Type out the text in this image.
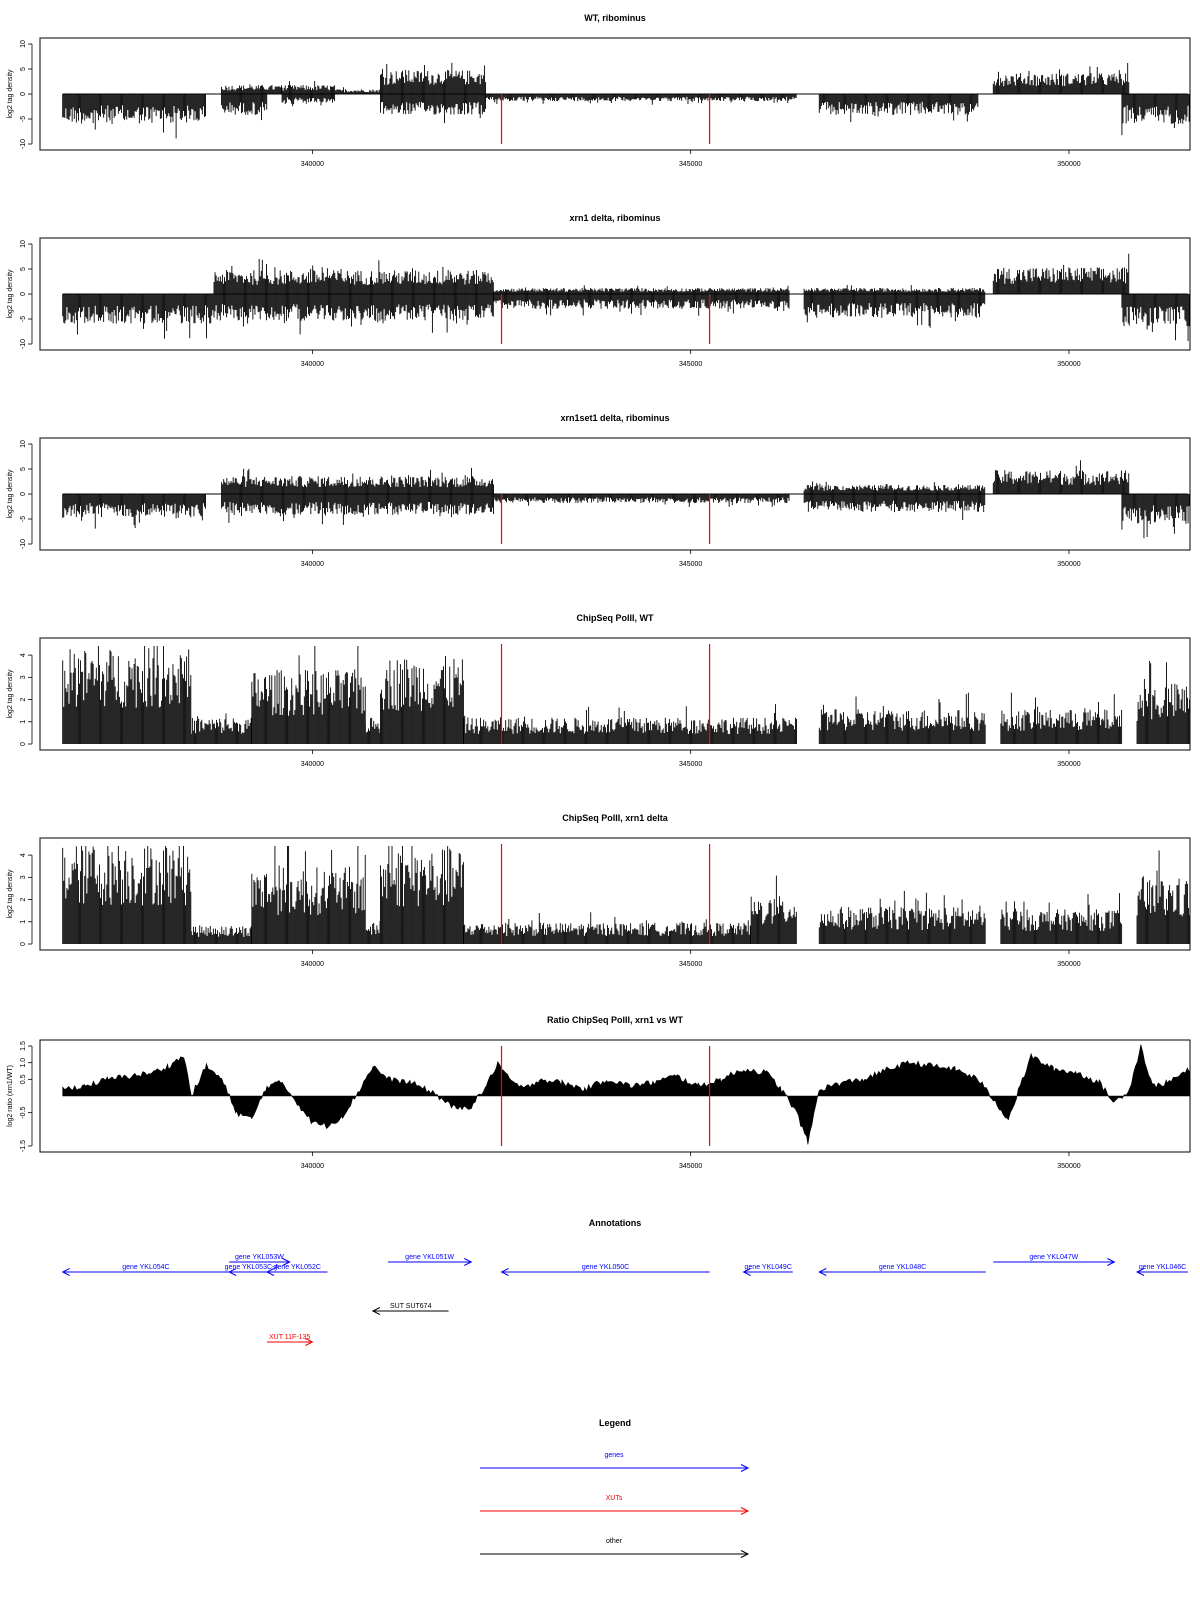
WT, ribominus
-10
-5
0
5
10
log2 tag density
340000	345000	350000
xrn1 delta, ribominus
-10
-5
0
5
10
log2 tag density
340000	345000	350000
xrn1set1 delta, ribominus
-10
-5
0
5
10
log2 tag density
340000	345000	350000
ChipSeq PolII, WT
0
1
2
3
4
log2 tag density
340000	345000	350000
ChipSeq PolII, xrn1 delta
0
1
2
3
4
log2 tag density
340000	345000	350000
Ratio ChipSeq PolII, xrn1 vs WT
-1.5
-0.5
0.5
1.0
1.5
log2 ratio (xrn1/WT)
340000	345000	350000
Annotations
gene YKL054C
gene YKL053W
gene YKL053C-A
gene YKL052C
gene YKL051W
gene YKL050C	gene YKL049C	gene YKL048C
gene YKL047W
gene YKL046C
SUT SUT674
XUT 11F-135
Legend
genes
XUTs
other
